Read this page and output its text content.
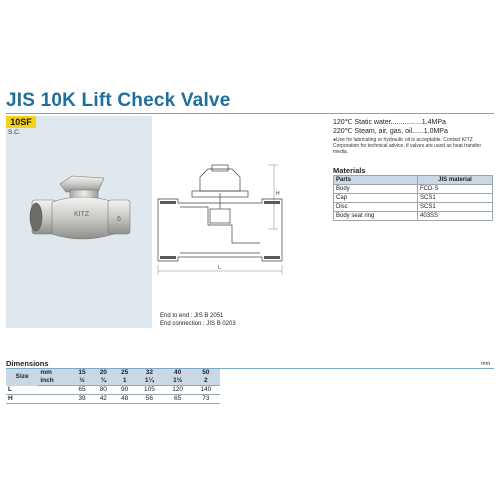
JIS 10K Lift Check Valve
10SF
S.C.
KITZ
6
L
H
End to end : JIS B 2051
End connection : JIS B 0203
120℃ Static water................1.4MPa
220℃ Steam, air, gas, oil......1.0MPa
●Use for lubricating or hydraulic oil is acceptable. Contact KITZ Corporation for technical advice, if valves are used as heat transfer media.
Materials
Parts	JIS material
Body	FCD-S
Cap	SCS1
Disc	SCS1
Body seat ring	403SS
Dimensions	mm
Size	mm	15	20	25	32	40	50
	inch	½	¾	1	1¼	1½	2
L		65	80	90	105	120	140
H		39	42	48	56	65	73
